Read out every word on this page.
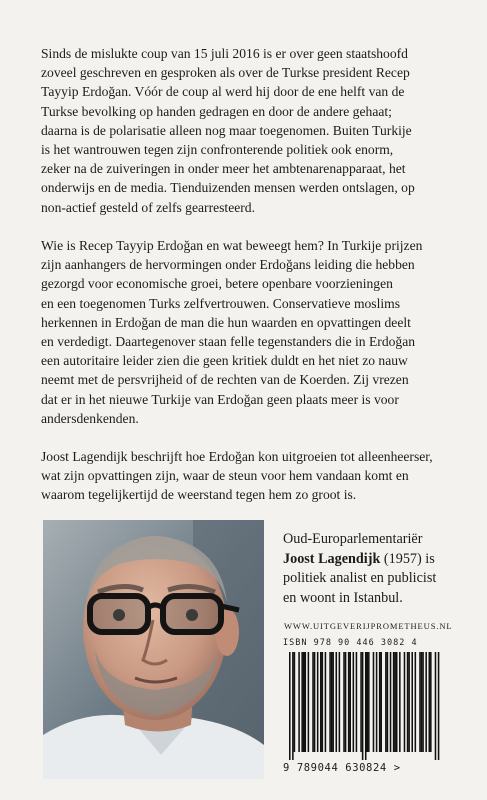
Sinds de mislukte coup van 15 juli 2016 is er over geen staatshoofd
zoveel geschreven en gesproken als over de Turkse president Recep
Tayyip Erdoğan. Vóór de coup al werd hij door de ene helft van de
Turkse bevolking op handen gedragen en door de andere gehaat;
daarna is de polarisatie alleen nog maar toegenomen. Buiten Turkije
is het wantrouwen tegen zijn confronterende politiek ook enorm,
zeker na de zuiveringen in onder meer het ambtenarenapparaat, het
onderwijs en de media. Tienduizenden mensen werden ontslagen, op
non-actief gesteld of zelfs gearresteerd.
Wie is Recep Tayyip Erdoğan en wat beweegt hem? In Turkije prijzen
zijn aanhangers de hervormingen onder Erdoğans leiding die hebben
gezorgd voor economische groei, betere openbare voorzieningen
en een toegenomen Turks zelfvertrouwen. Conservatieve moslims
herkennen in Erdoğan de man die hun waarden en opvattingen deelt
en verdedigt. Daartegenover staan felle tegenstanders die in Erdoğan
een autoritaire leider zien die geen kritiek duldt en het niet zo nauw
neemt met de persvrijheid of de rechten van de Koerden. Zij vrezen
dat er in het nieuwe Turkije van Erdoğan geen plaats meer is voor
andersdenkenden.
Joost Lagendijk beschrijft hoe Erdoğan kon uitgroeien tot alleenheerser,
wat zijn opvattingen zijn, waar de steun voor hem vandaan komt en
waarom tegelijkertijd de weerstand tegen hem zo groot is.
Oud-Europarlementariër
Joost Lagendijk (1957) is
politiek analist en publicist
en woont in Istanbul.
WWW.UITGEVERIJPROMETHEUS.NL
ISBN 978 90 446 3082 4
9 789044 630824 >
